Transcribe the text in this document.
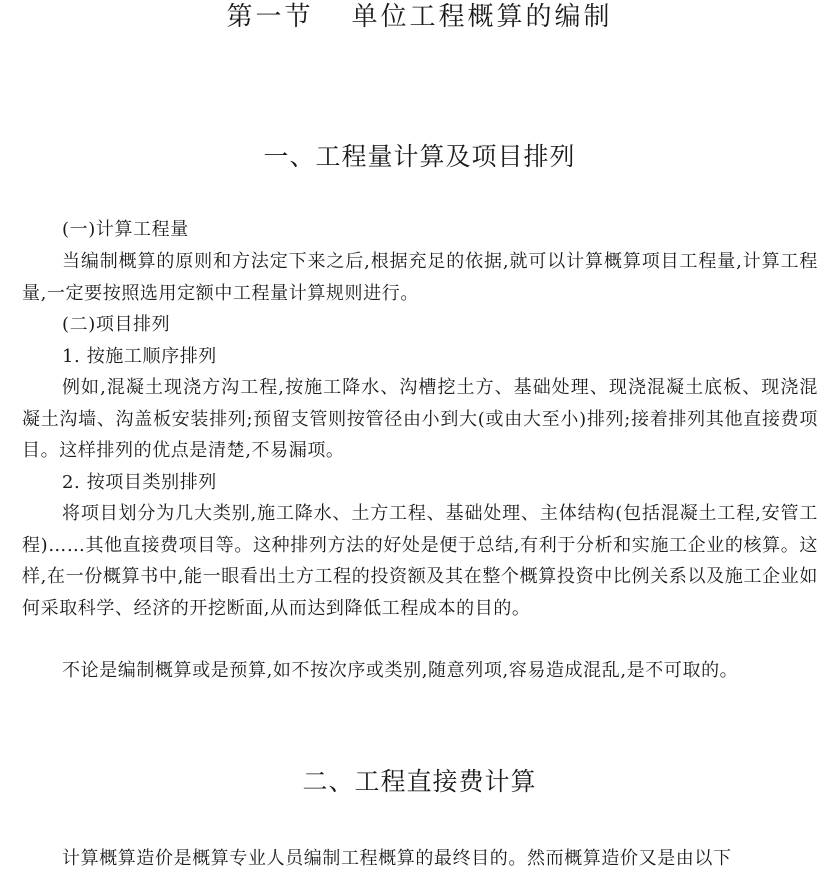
第一节 单位工程概算的编制
一、工程量计算及项目排列
(一)计算工程量
当编制概算的原则和方法定下来之后,根据充足的依据,就可以计算概算项目工程量,计算工程量,一定要按照选用定额中工程量计算规则进行。
(二)项目排列
1. 按施工顺序排列
例如,混凝土现浇方沟工程,按施工降水、沟槽挖土方、基础处理、现浇混凝土底板、现浇混凝土沟墙、沟盖板安装排列;预留支管则按管径由小到大(或由大至小)排列;接着排列其他直接费项目。这样排列的优点是清楚,不易漏项。
2. 按项目类别排列
将项目划分为几大类别,施工降水、土方工程、基础处理、主体结构(包括混凝土工程,安管工程)……其他直接费项目等。这种排列方法的好处是便于总结,有利于分析和实施工企业的核算。这样,在一份概算书中,能一眼看出土方工程的投资额及其在整个概算投资中比例关系以及施工企业如何采取科学、经济的开挖断面,从而达到降低工程成本的目的。
不论是编制概算或是预算,如不按次序或类别,随意列项,容易造成混乱,是不可取的。
二、工程直接费计算
计算概算造价是概算专业人员编制工程概算的最终目的。然而概算造价又是由以下
